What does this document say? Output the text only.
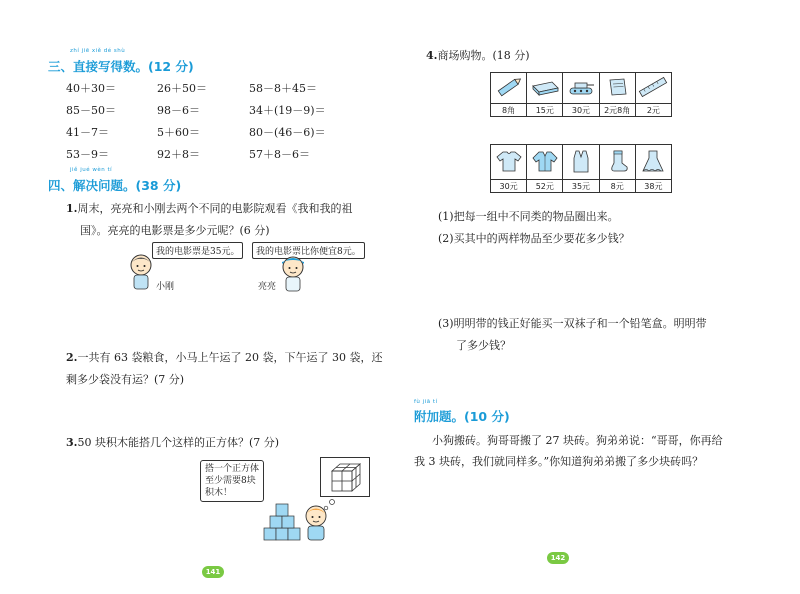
zhí jiē xiě dé shù
三、直接写得数。(12 分)
40＋30＝	26＋50＝	58－8＋45＝
85－50＝	98－6＝	34＋(19－9)＝
41－7＝	5＋60＝	80－(46－6)＝
53－9＝	92＋8＝	57＋8－6＝
jiě jué wèn tí
四、解决问题。(38 分)
1.周末，亮亮和小刚去两个不同的电影院观看《我和我的祖
国》。亮亮的电影票是多少元呢？(6 分)
我的电影票是35元。	我的电影票比你便宜8元。
小刚	亮亮
2.一共有 63 袋粮食，小马上午运了 20 袋，下午运了 30 袋，还
剩多少袋没有运？(7 分)
3.50 块积木能搭几个这样的正方体？(7 分)
搭一个正方体
至少需要8块
积木！
141
4.商场购物。(18 分)

8角	15元	30元	2元8角	2元

30元	52元	35元	8元	38元
(1)把每一组中不同类的物品圈出来。
(2)买其中的两样物品至少要花多少钱？
(3)明明带的钱正好能买一双袜子和一个铅笔盒。明明带
了多少钱？
fù jiā tí
附加题。(10 分)
小狗搬砖。狗哥哥搬了 27 块砖。狗弟弟说：“哥哥，你再给
我 3 块砖，我们就同样多。”你知道狗弟弟搬了多少块砖吗？
142
